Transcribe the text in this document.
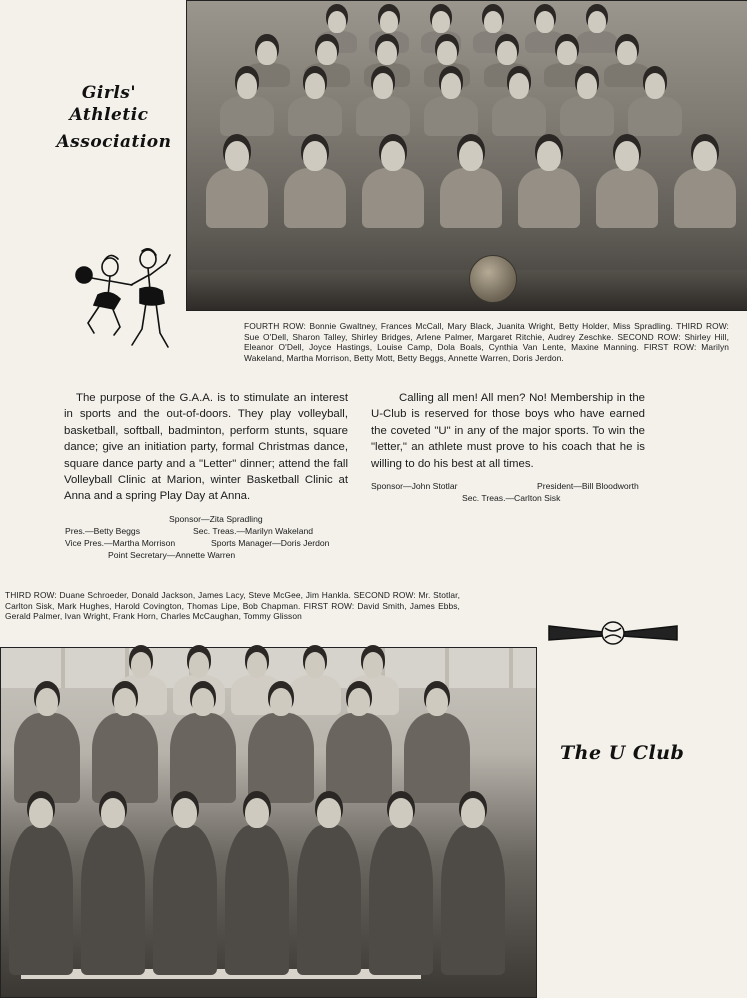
Girls' Athletic
Association
FOURTH ROW: Bonnie Gwaltney, Frances McCall, Mary Black, Juanita Wright, Betty Holder, Miss Spradling. THIRD ROW: Sue O'Dell, Sharon Talley, Shirley Bridges, Arlene Palmer, Margaret Ritchie, Audrey Zeschke. SECOND ROW: Shirley Hill, Eleanor O'Dell, Joyce Hastings, Louise Camp, Dola Boals, Cynthia Van Lente, Maxine Manning. FIRST ROW: Marilyn Wakeland, Martha Morrison, Betty Mott, Betty Beggs, Annette Warren, Doris Jerdon.
The purpose of the G.A.A. is to stimulate an interest in sports and the out-of-doors. They play volleyball, basketball, softball, badminton, perform stunts, square dance; give an initiation party, formal Christmas dance, square dance party and a "Letter" dinner; attend the fall Volleyball Clinic at Marion, winter Basketball Clinic at Anna and a spring Play Day at Anna.
Sponsor—Zita Spradling
Pres.—Betty Beggs	Sec. Treas.—Marilyn Wakeland
Vice Pres.—Martha Morrison	Sports Manager—Doris Jerdon
Point Secretary—Annette Warren
Calling all men! All men? No! Membership in the U-Club is reserved for those boys who have earned the coveted "U" in any of the major sports. To win the "letter," an athlete must prove to his coach that he is willing to do his best at all times.
Sponsor—John Stotlar	President—Bill Bloodworth
Sec. Treas.—Carlton Sisk
THIRD ROW: Duane Schroeder, Donald Jackson, James Lacy, Steve McGee, Jim Hankla. SECOND ROW: Mr. Stotlar, Carlton Sisk, Mark Hughes, Harold Covington, Thomas Lipe, Bob Chapman. FIRST ROW: David Smith, James Ebbs, Gerald Palmer, Ivan Wright, Frank Horn, Charles McCaughan, Tommy Glisson
The U Club
